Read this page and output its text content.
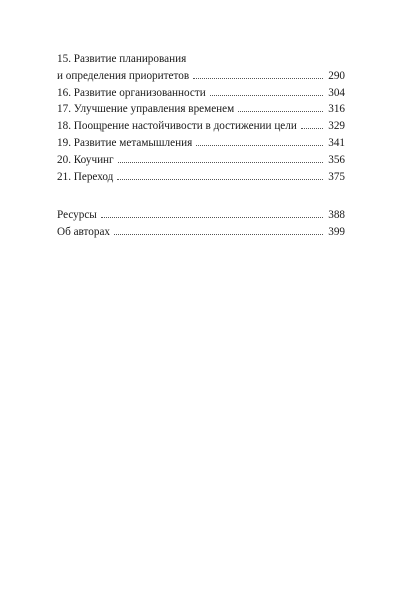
15. Развитие планирования
и определения приоритетов	290
16. Развитие организованности	304
17. Улучшение управления временем	316
18. Поощрение настойчивости в достижении цели	329
19. Развитие метамышления	341
20. Коучинг	356
21. Переход	375
Ресурсы	388
Об авторах	399
